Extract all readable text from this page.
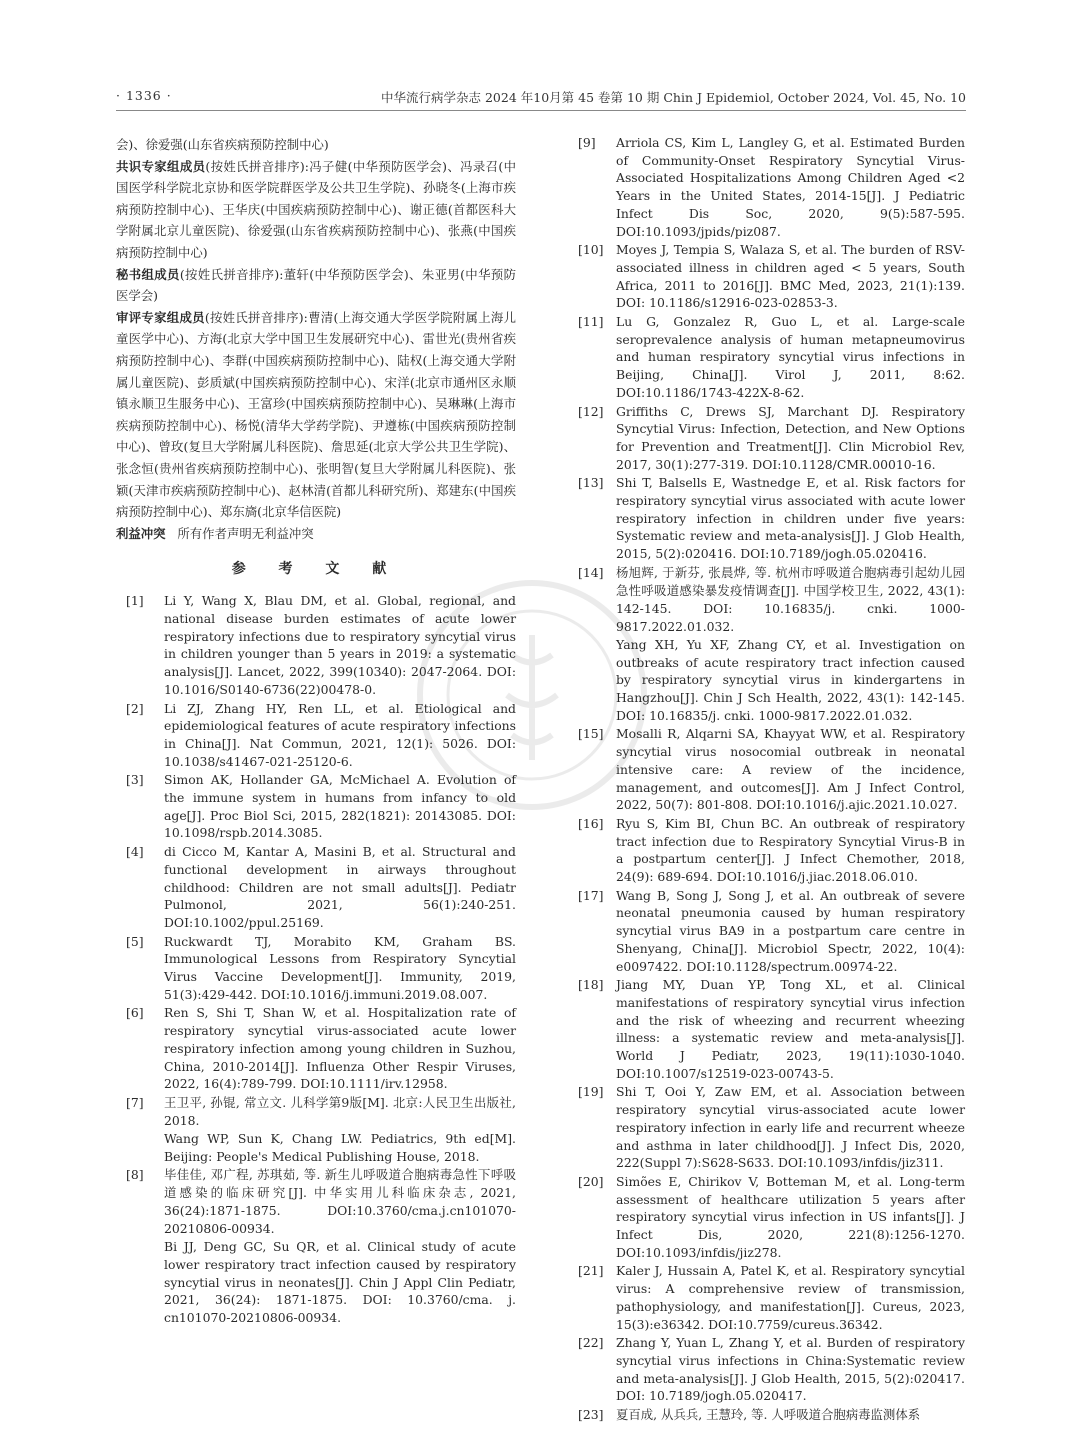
· 1336 ·	中华流行病学杂志 2024 年10月第 45 卷第 10 期 Chin J Epidemiol, October 2024, Vol. 45, No. 10

会)、徐爱强(山东省疾病预防控制中心)

共识专家组成员(按姓氏拼音排序):冯子健(中华预防医学会)、冯录召(中国医学科学院北京协和医学院群医学及公共卫生学院)、孙晓冬(上海市疾病预防控制中心)、王华庆(中国疾病预防控制中心)、谢正德(首都医科大学附属北京儿童医院)、徐爱强(山东省疾病预防控制中心)、张燕(中国疾病预防控制中心)

秘书组成员(按姓氏拼音排序):董轩(中华预防医学会)、朱亚男(中华预防医学会)

审评专家组成员(按姓氏拼音排序):曹清(上海交通大学医学院附属上海儿童医学中心)、方海(北京大学中国卫生发展研究中心)、雷世光(贵州省疾病预防控制中心)、李群(中国疾病预防控制中心)、陆权(上海交通大学附属儿童医院)、彭质斌(中国疾病预防控制中心)、宋洋(北京市通州区永顺镇永顺卫生服务中心)、王富珍(中国疾病预防控制中心)、吴琳琳(上海市疾病预防控制中心)、杨悦(清华大学药学院)、尹遵栋(中国疾病预防控制中心)、曾玫(复旦大学附属儿科医院)、詹思延(北京大学公共卫生学院)、张念恒(贵州省疾病预防控制中心)、张明智(复旦大学附属儿科医院)、张颖(天津市疾病预防控制中心)、赵林清(首都儿科研究所)、郑建东(中国疾病预防控制中心)、郑东旖(北京华信医院)

利益冲突 所有作者声明无利益冲突

参 考 文 献
[1] Li Y, Wang X, Blau DM, et al. Global, regional, and national disease burden estimates of acute lower respiratory infections due to respiratory syncytial virus in children younger than 5 years in 2019: a systematic analysis[J]. Lancet, 2022, 399(10340): 2047-2064. DOI: 10.1016/S0140-6736(22)00478-0.
[2] Li ZJ, Zhang HY, Ren LL, et al. Etiological and epidemiological features of acute respiratory infections in China[J]. Nat Commun, 2021, 12(1): 5026. DOI: 10.1038/s41467-021-25120-6.
[3] Simon AK, Hollander GA, McMichael A. Evolution of the immune system in humans from infancy to old age[J]. Proc Biol Sci, 2015, 282(1821): 20143085. DOI: 10.1098/rspb.2014.3085.
[4] di Cicco M, Kantar A, Masini B, et al. Structural and functional development in airways throughout childhood: Children are not small adults[J]. Pediatr Pulmonol, 2021, 56(1):240-251. DOI:10.1002/ppul.25169.
[5] Ruckwardt TJ, Morabito KM, Graham BS. Immunological Lessons from Respiratory Syncytial Virus Vaccine Development[J]. Immunity, 2019, 51(3):429-442. DOI:10.1016/j.immuni.2019.08.007.
[6] Ren S, Shi T, Shan W, et al. Hospitalization rate of respiratory syncytial virus-associated acute lower respiratory infection among young children in Suzhou, China, 2010-2014[J]. Influenza Other Respir Viruses, 2022, 16(4):789-799. DOI:10.1111/irv.12958.
[7] 王卫平, 孙锟, 常立文. 儿科学第9版[M]. 北京:人民卫生出版社, 2018.
Wang WP, Sun K, Chang LW. Pediatrics, 9th ed[M]. Beijing: People's Medical Publishing House, 2018.
[8] 毕佳佳, 邓广程, 苏琪茹, 等. 新生儿呼吸道合胞病毒急性下呼吸道感染的临床研究[J]. 中华实用儿科临床杂志, 2021, 36(24):1871-1875. DOI:10.3760/cma.j.cn101070-20210806-00934.
Bi JJ, Deng GC, Su QR, et al. Clinical study of acute lower respiratory tract infection caused by respiratory syncytial virus in neonates[J]. Chin J Appl Clin Pediatr, 2021, 36(24): 1871-1875. DOI: 10.3760/cma. j. cn101070-20210806-00934.
[9] Arriola CS, Kim L, Langley G, et al. Estimated Burden of Community-Onset Respiratory Syncytial Virus-Associated Hospitalizations Among Children Aged <2 Years in the United States, 2014-15[J]. J Pediatric Infect Dis Soc, 2020, 9(5):587-595. DOI:10.1093/jpids/piz087.
[10] Moyes J, Tempia S, Walaza S, et al. The burden of RSV-associated illness in children aged < 5 years, South Africa, 2011 to 2016[J]. BMC Med, 2023, 21(1):139. DOI: 10.1186/s12916-023-02853-3.
[11] Lu G, Gonzalez R, Guo L, et al. Large-scale seroprevalence analysis of human metapneumovirus and human respiratory syncytial virus infections in Beijing, China[J]. Virol J, 2011, 8:62. DOI:10.1186/1743-422X-8-62.
[12] Griffiths C, Drews SJ, Marchant DJ. Respiratory Syncytial Virus: Infection, Detection, and New Options for Prevention and Treatment[J]. Clin Microbiol Rev, 2017, 30(1):277-319. DOI:10.1128/CMR.00010-16.
[13] Shi T, Balsells E, Wastnedge E, et al. Risk factors for respiratory syncytial virus associated with acute lower respiratory infection in children under five years: Systematic review and meta-analysis[J]. J Glob Health, 2015, 5(2):020416. DOI:10.7189/jogh.05.020416.
[14] 杨旭辉, 于新芬, 张晨烨, 等. 杭州市呼吸道合胞病毒引起幼儿园急性呼吸道感染暴发疫情调查[J]. 中国学校卫生, 2022, 43(1): 142-145. DOI: 10.16835/j. cnki. 1000-9817.2022.01.032.
Yang XH, Yu XF, Zhang CY, et al. Investigation on outbreaks of acute respiratory tract infection caused by respiratory syncytial virus in kindergartens in Hangzhou[J]. Chin J Sch Health, 2022, 43(1): 142-145. DOI: 10.16835/j. cnki. 1000-9817.2022.01.032.
[15] Mosalli R, Alqarni SA, Khayyat WW, et al. Respiratory syncytial virus nosocomial outbreak in neonatal intensive care: A review of the incidence, management, and outcomes[J]. Am J Infect Control, 2022, 50(7): 801-808. DOI:10.1016/j.ajic.2021.10.027.
[16] Ryu S, Kim BI, Chun BC. An outbreak of respiratory tract infection due to Respiratory Syncytial Virus-B in a postpartum center[J]. J Infect Chemother, 2018, 24(9): 689-694. DOI:10.1016/j.jiac.2018.06.010.
[17] Wang B, Song J, Song J, et al. An outbreak of severe neonatal pneumonia caused by human respiratory syncytial virus BA9 in a postpartum care centre in Shenyang, China[J]. Microbiol Spectr, 2022, 10(4): e0097422. DOI:10.1128/spectrum.00974-22.
[18] Jiang MY, Duan YP, Tong XL, et al. Clinical manifestations of respiratory syncytial virus infection and the risk of wheezing and recurrent wheezing illness: a systematic review and meta-analysis[J]. World J Pediatr, 2023, 19(11):1030-1040. DOI:10.1007/s12519-023-00743-5.
[19] Shi T, Ooi Y, Zaw EM, et al. Association between respiratory syncytial virus-associated acute lower respiratory infection in early life and recurrent wheeze and asthma in later childhood[J]. J Infect Dis, 2020, 222(Suppl 7):S628-S633. DOI:10.1093/infdis/jiz311.
[20] Simões E, Chirikov V, Botteman M, et al. Long-term assessment of healthcare utilization 5 years after respiratory syncytial virus infection in US infants[J]. J Infect Dis, 2020, 221(8):1256-1270. DOI:10.1093/infdis/jiz278.
[21] Kaler J, Hussain A, Patel K, et al. Respiratory syncytial virus: A comprehensive review of transmission, pathophysiology, and manifestation[J]. Cureus, 2023, 15(3):e36342. DOI:10.7759/cureus.36342.
[22] Zhang Y, Yuan L, Zhang Y, et al. Burden of respiratory syncytial virus infections in China:Systematic review and meta-analysis[J]. J Glob Health, 2015, 5(2):020417. DOI: 10.7189/jogh.05.020417.
[23] 夏百成, 从兵兵, 王慧玲, 等. 人呼吸道合胞病毒监测体系
